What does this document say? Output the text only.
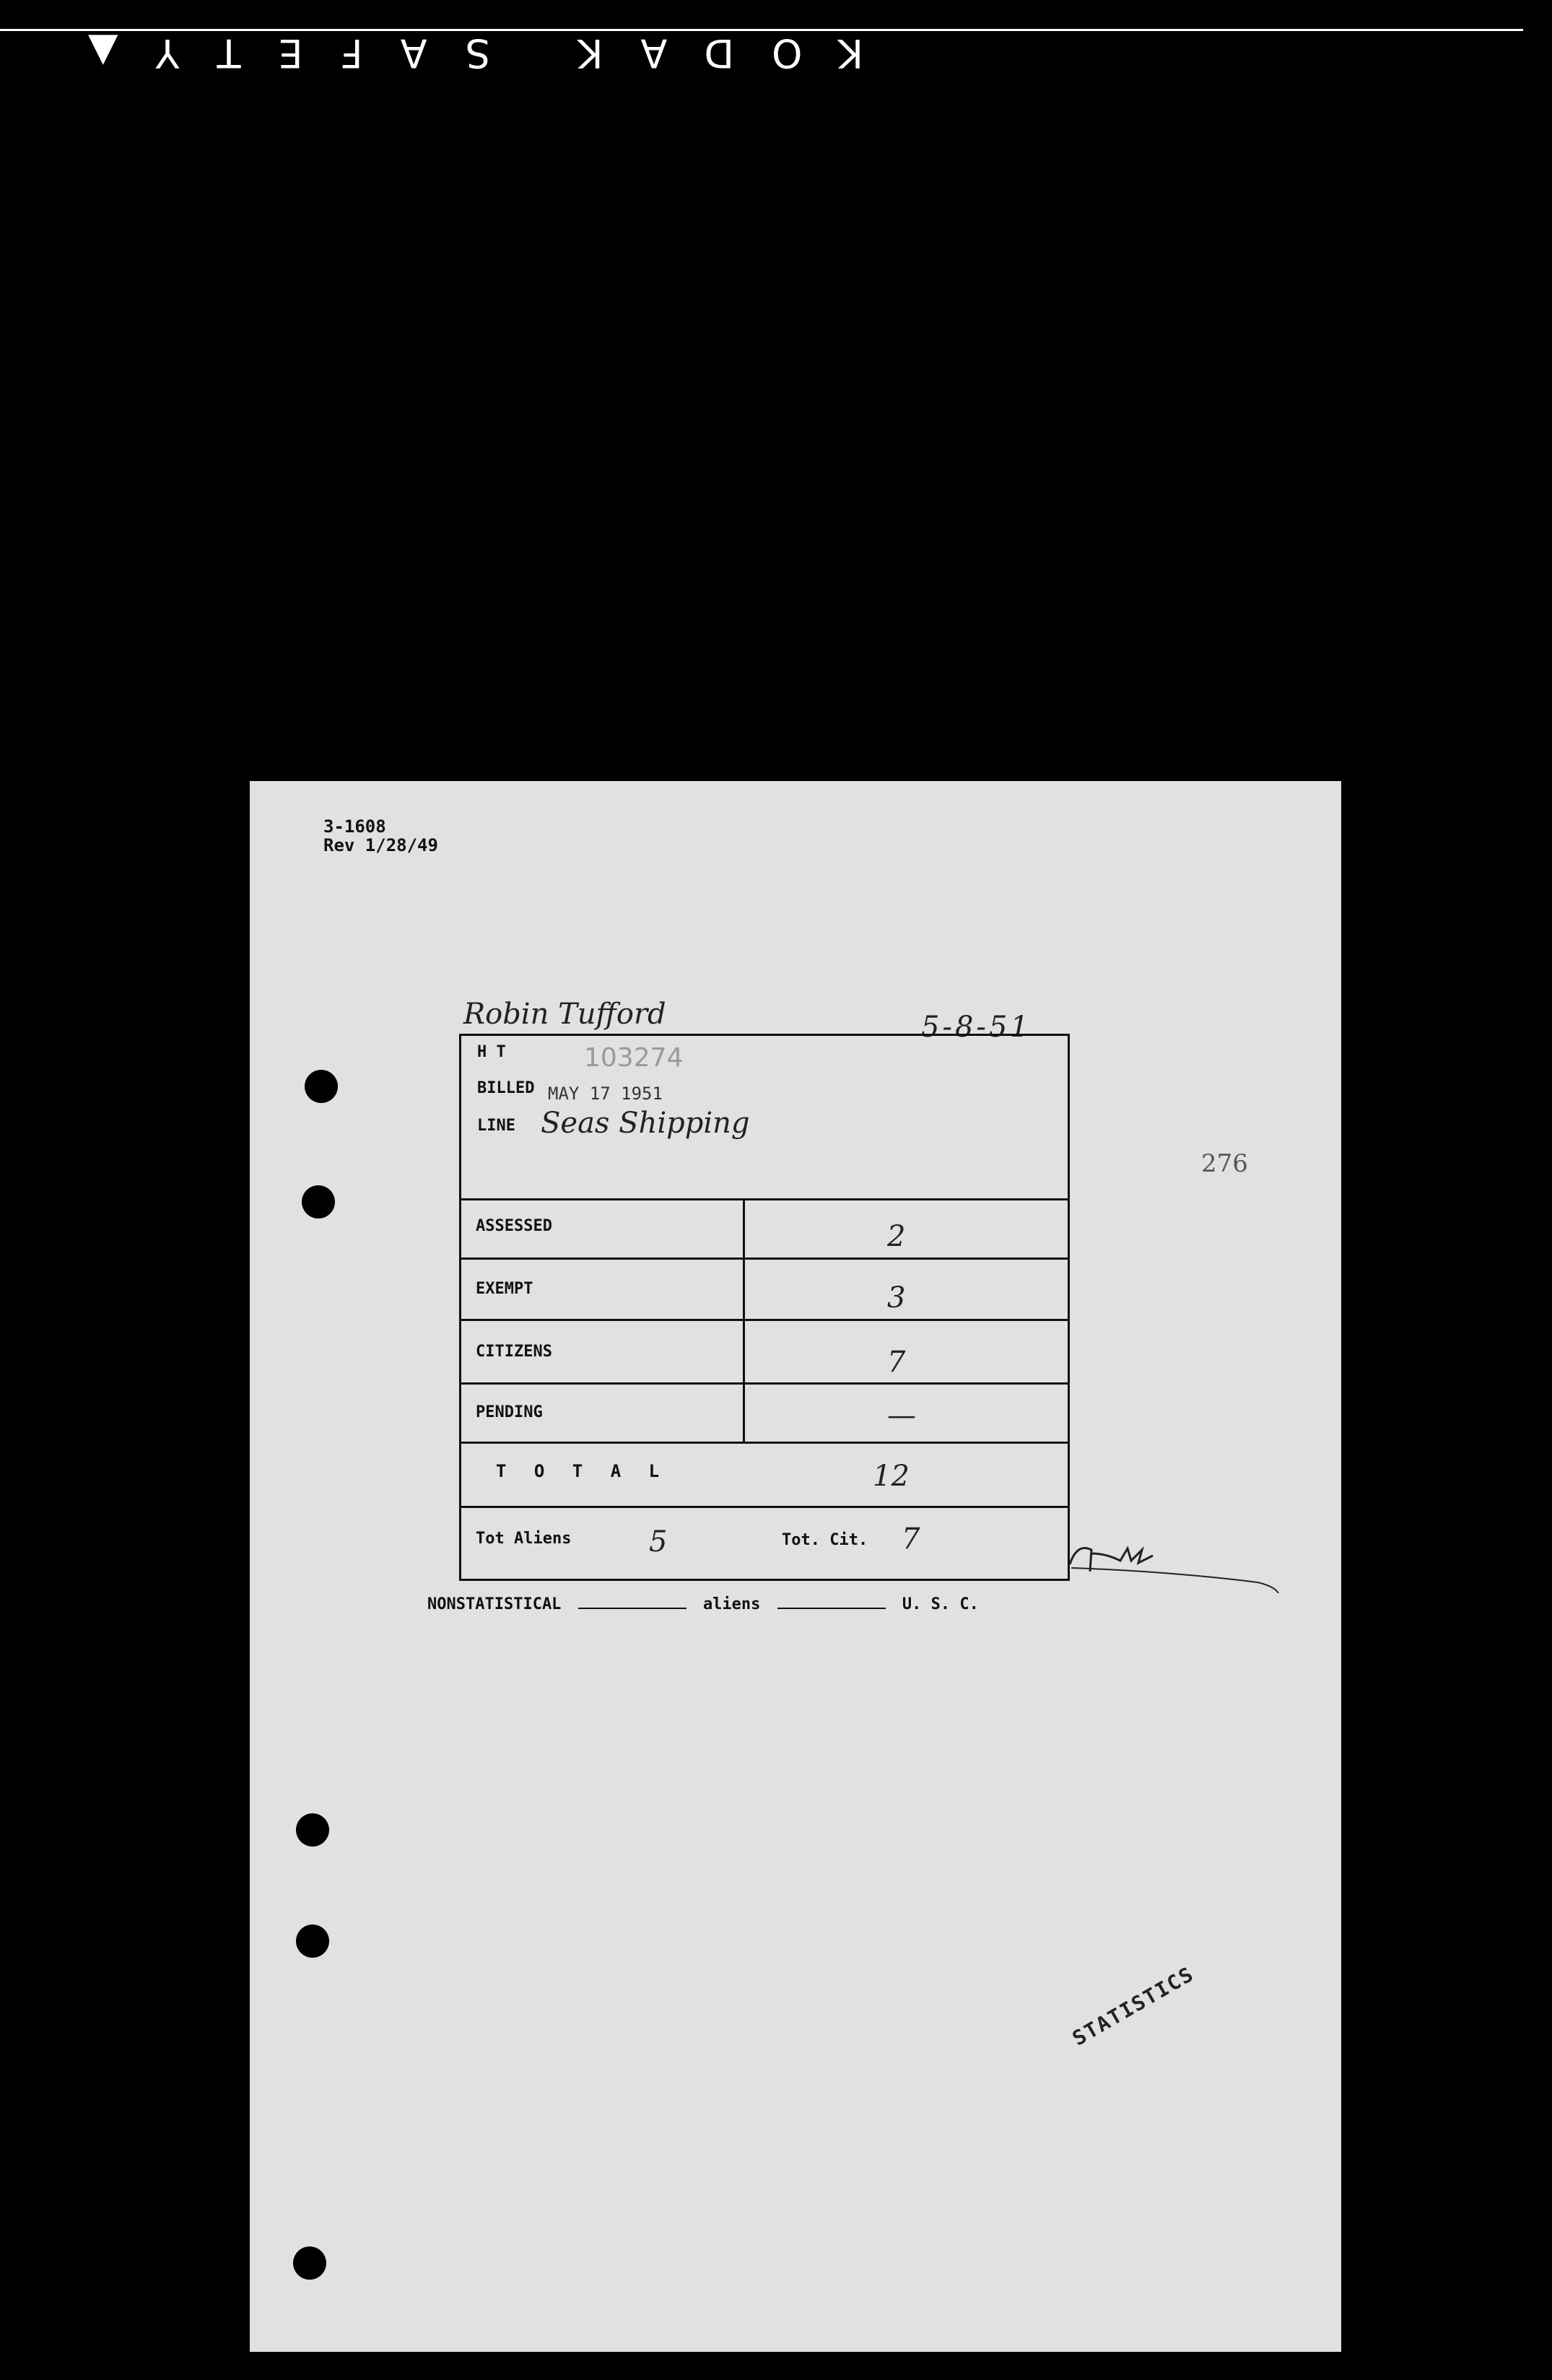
KODAK SAFETY▲
3-1608
Rev 1/28/49
Robin Tufford	5-8-51
276
H T	103274
BILLED MAY 17 1951
LINE Seas Shipping
ASSESSED	2
EXEMPT	3
CITIZENS	7
PENDING	—
T O T A L	12
Tot Aliens	5	Tot. Cit. 7
NONSTATISTICAL	aliens	U. S. C.
STATISTICS
